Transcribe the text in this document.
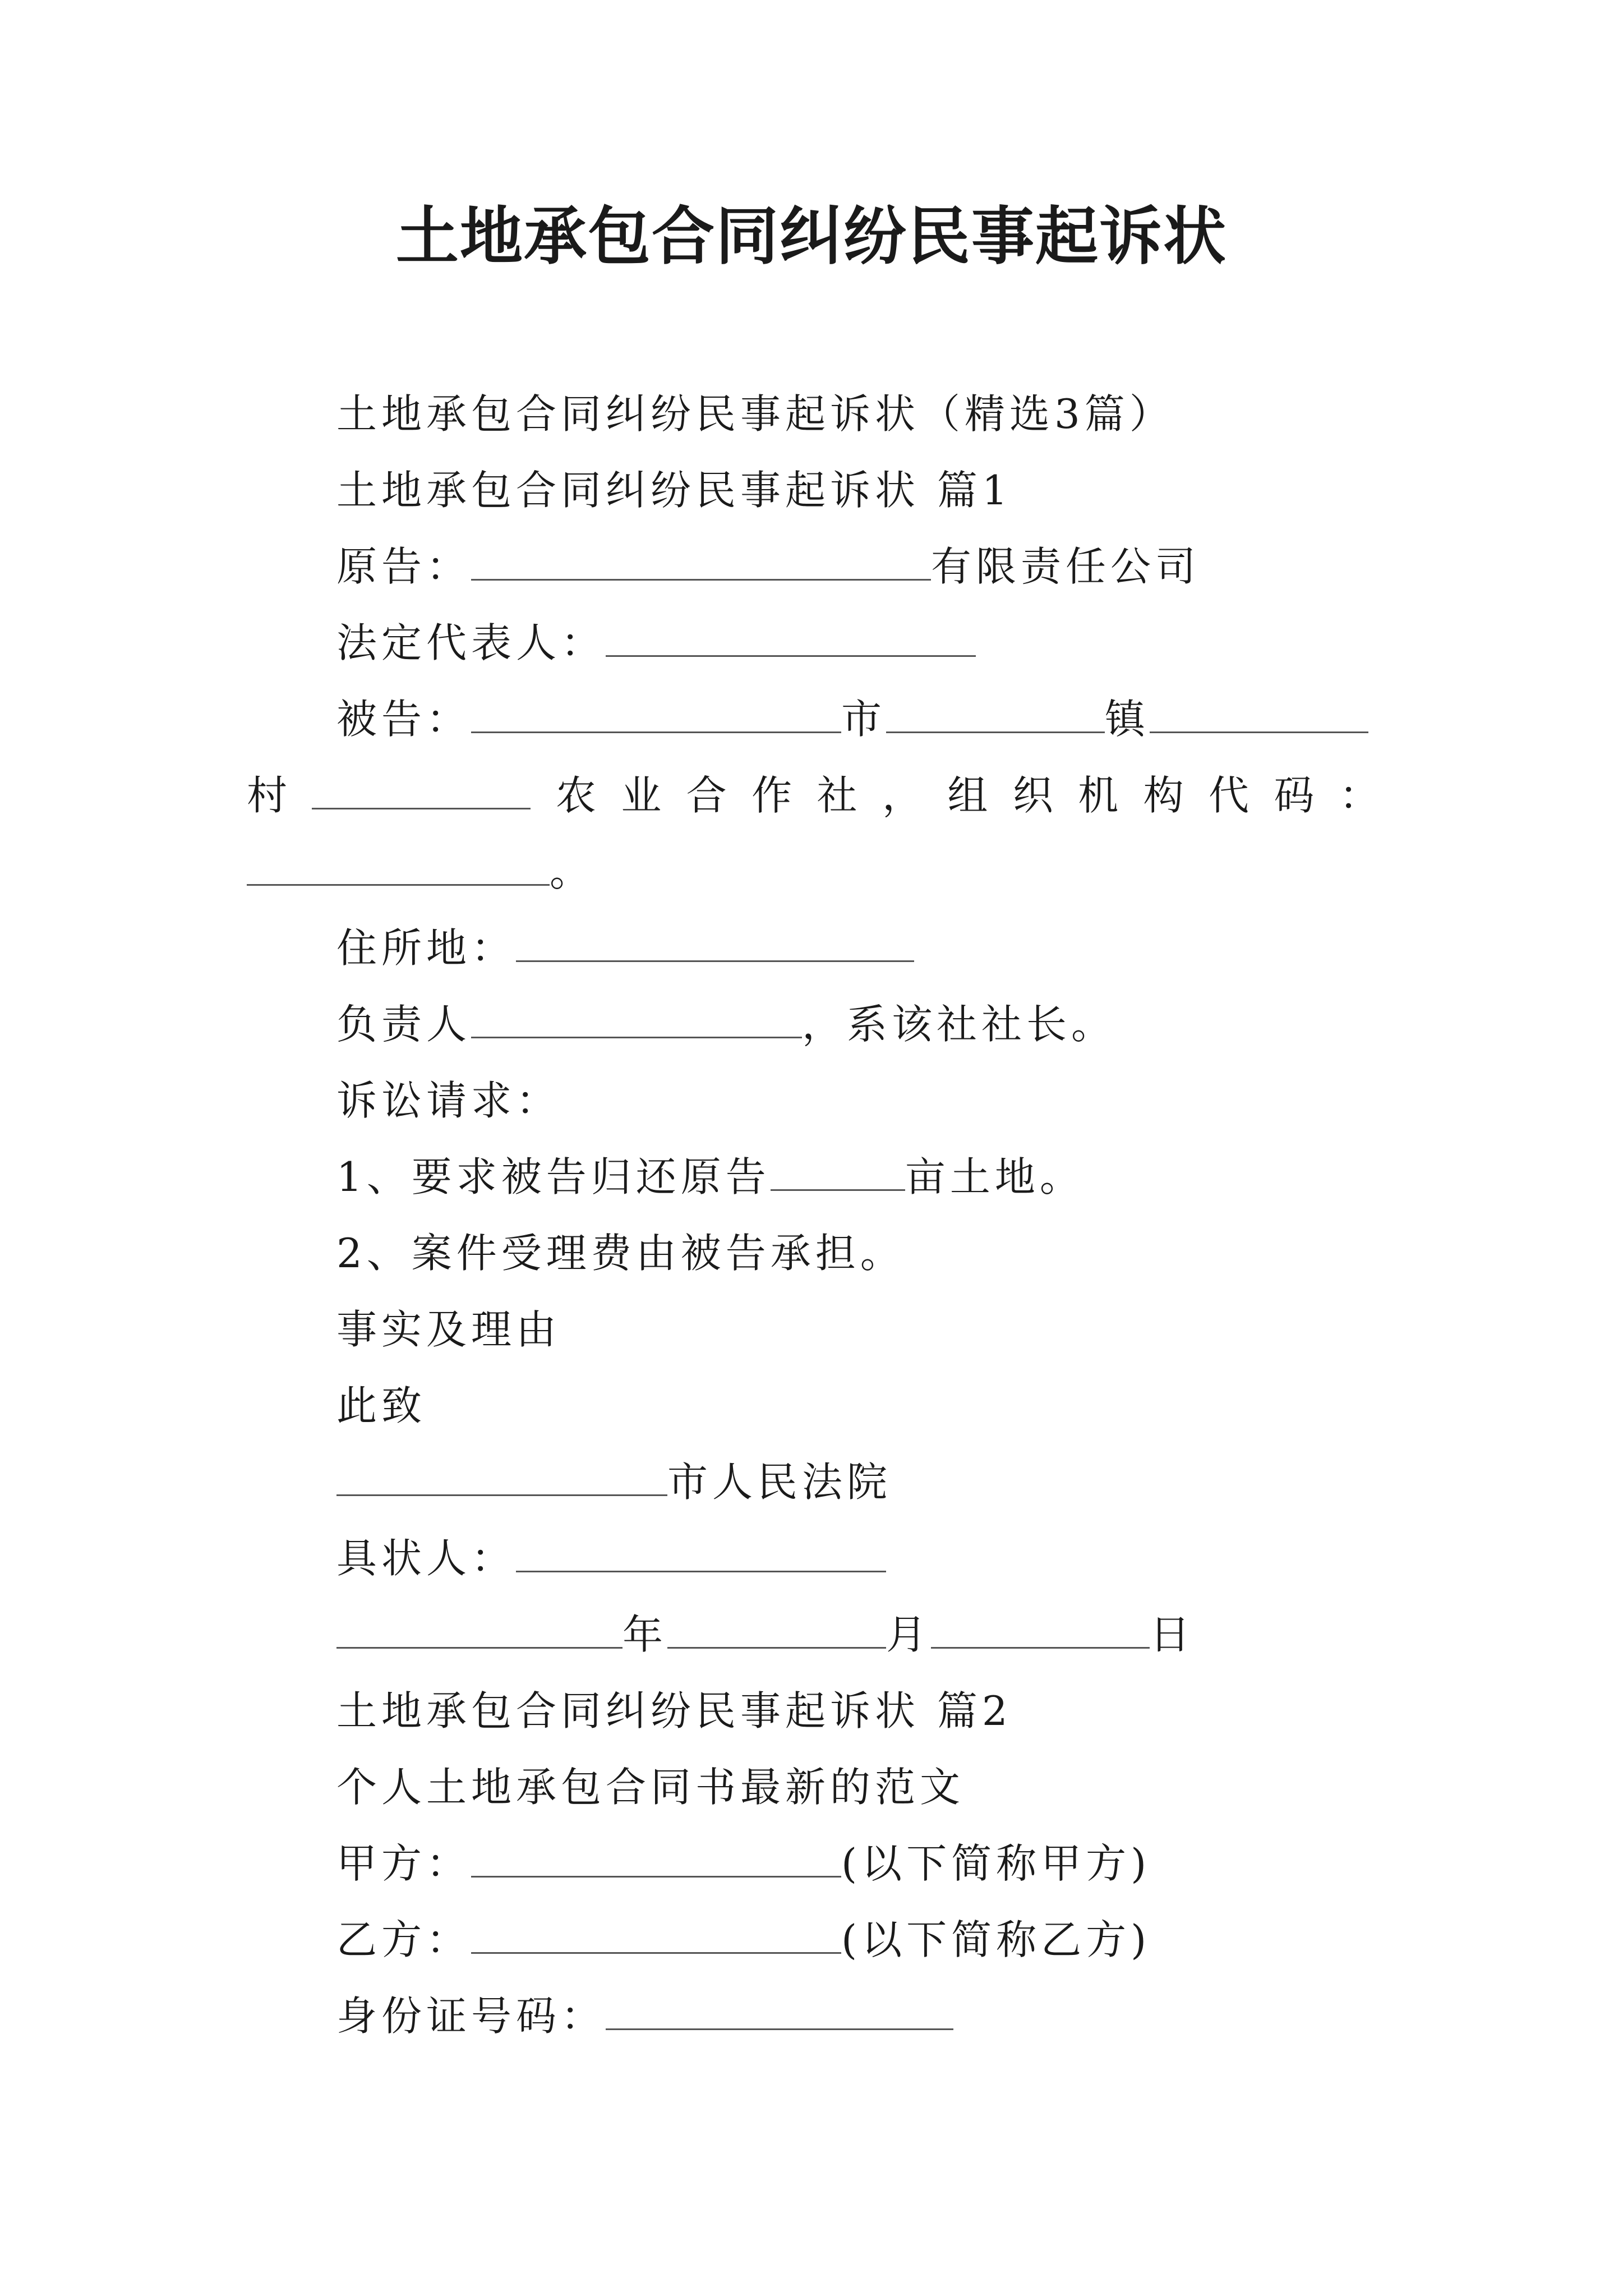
土地承包合同纠纷民事起诉状
土地承包合同纠纷民事起诉状（精选3篇）
土地承包合同纠纷民事起诉状 篇1
原告：	有限责任公司
法定代表人：
被告：	市	镇
村	农 业 合 作 社 ， 组 织 机 构 代 码 ：
。
住所地：
负责人	，系该社社长。
诉讼请求：
1、要求被告归还原告	亩土地。
2、案件受理费由被告承担。
事实及理由
此致
市人民法院
具状人：
年	月	日
土地承包合同纠纷民事起诉状 篇2
个人土地承包合同书最新的范文
甲方：	(以下简称甲方)
乙方：	(以下简称乙方)
身份证号码：
